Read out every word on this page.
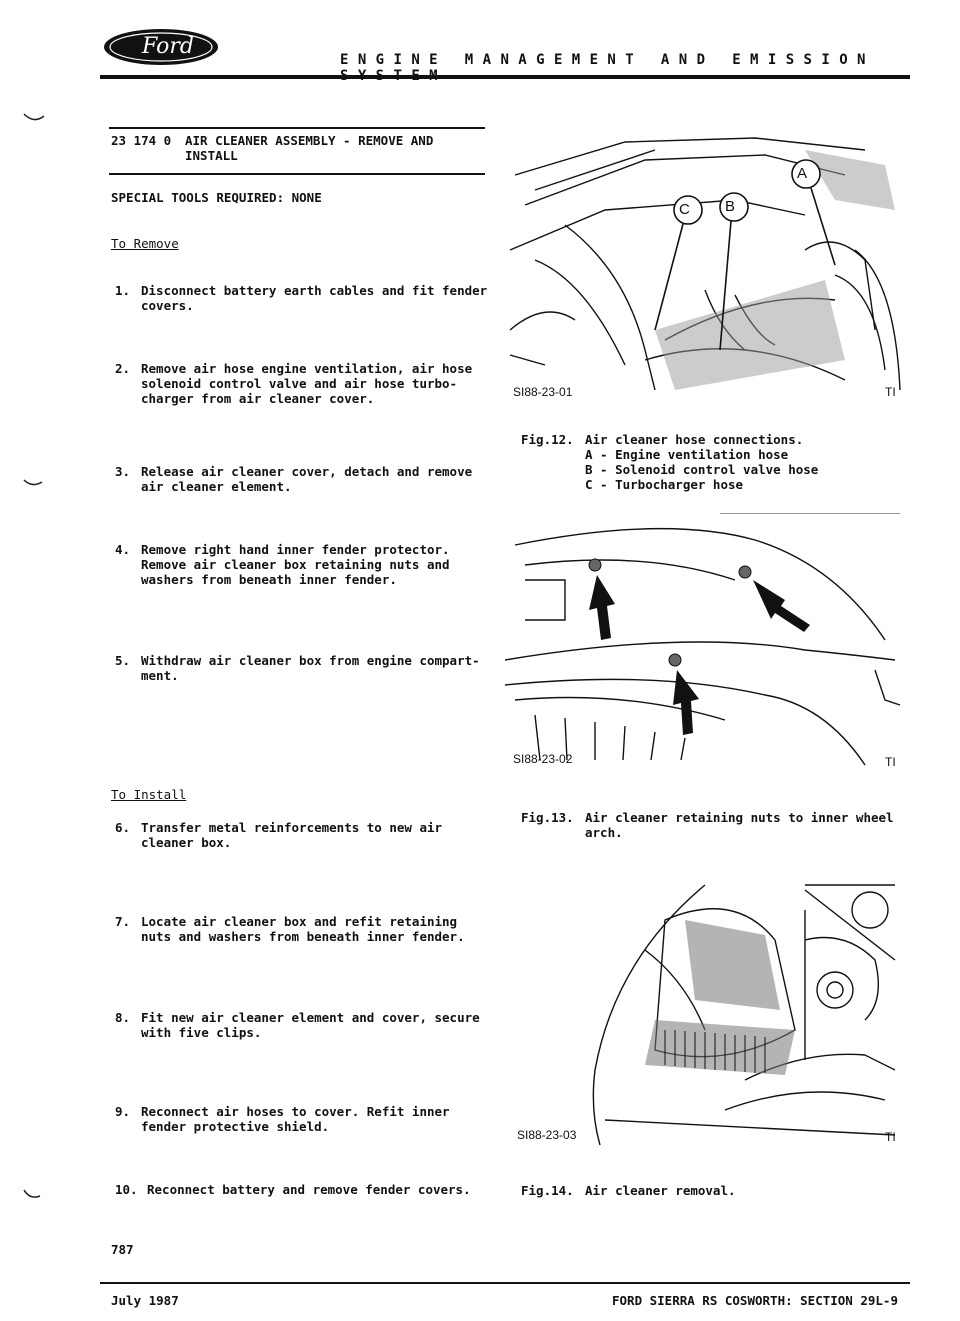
Ford
ENGINE MANAGEMENT AND EMISSION
23 174 0 AIR CLEANER ASSEMBLY - REMOVE AND
INSTALL
SPECIAL TOOLS REQUIRED: NONE
To Remove
1. Disconnect battery earth cables and fit fender
covers.
2. Remove air hose engine ventilation, air hose
solenoid control valve and air hose turbo-
charger from air cleaner cover.
3. Release air cleaner cover, detach and remove
air cleaner element.
4. Remove right hand inner fender protector.
Remove air cleaner box retaining nuts and
washers from beneath inner fender.
5. Withdraw air cleaner box from engine compart-
ment.
To Install
6. Transfer metal reinforcements to new air
cleaner box.
7. Locate air cleaner box and refit retaining
nuts and washers from beneath inner fender.
8. Fit new air cleaner element and cover, secure
with five clips.
9. Reconnect air hoses to cover. Refit inner
fender protective shield.
10. Reconnect battery and remove fender covers.
C B
A
SI88-23-01	TI
Fig.12. Air cleaner hose connections.
A - Engine ventilation hose
B - Solenoid control valve hose
C - Turbocharger hose
SI88-23-02	TI
Fig.13. Air cleaner retaining nuts to inner wheel
arch.
SI88-23-03	TI
Fig.14. Air cleaner removal.
787
July 1987	FORD SIERRA RS COSWORTH: SECTION 29L-9
